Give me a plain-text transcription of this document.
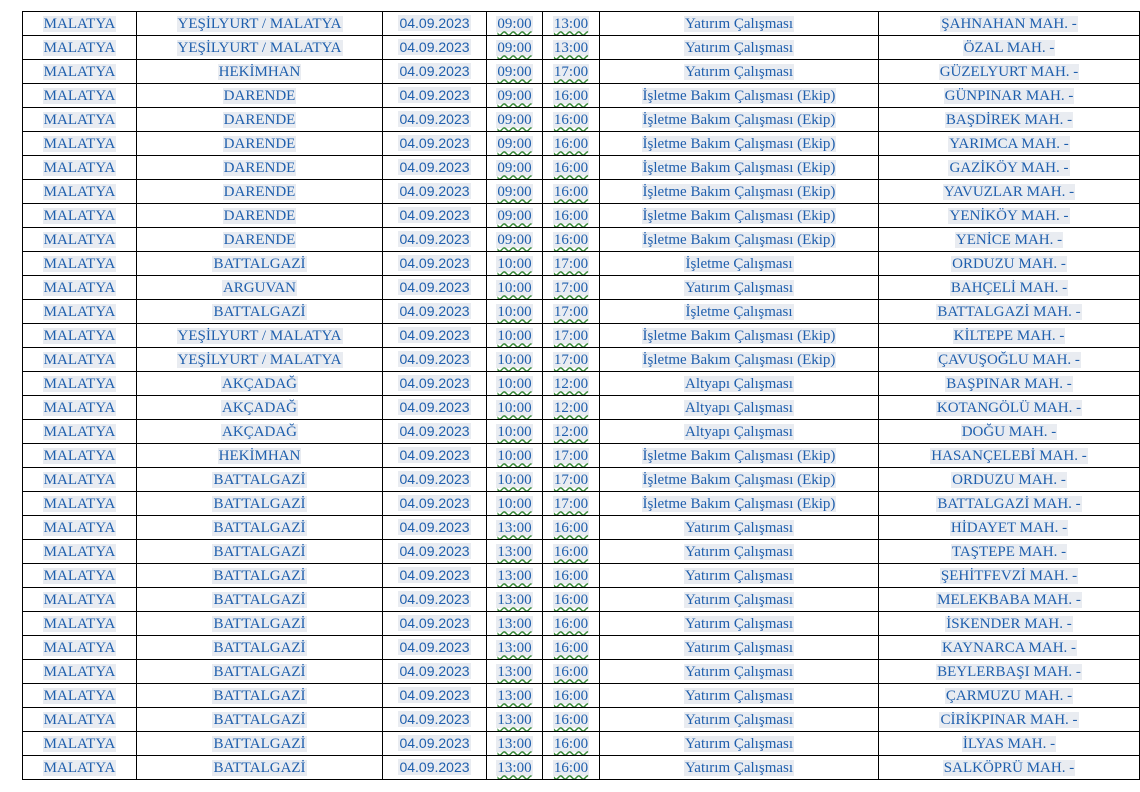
MALATYA	YEŞİLYURT / MALATYA	04.09.2023	09:00	13:00	Yatırım Çalışması	ŞAHNAHAN MAH. -
MALATYA	YEŞİLYURT / MALATYA	04.09.2023	09:00	13:00	Yatırım Çalışması	ÖZAL MAH. -
MALATYA	HEKİMHAN	04.09.2023	09:00	17:00	Yatırım Çalışması	GÜZELYURT MAH. -
MALATYA	DARENDE	04.09.2023	09:00	16:00	İşletme Bakım Çalışması (Ekip)	GÜNPINAR MAH. -
MALATYA	DARENDE	04.09.2023	09:00	16:00	İşletme Bakım Çalışması (Ekip)	BAŞDİREK MAH. -
MALATYA	DARENDE	04.09.2023	09:00	16:00	İşletme Bakım Çalışması (Ekip)	YARIMCA MAH. -
MALATYA	DARENDE	04.09.2023	09:00	16:00	İşletme Bakım Çalışması (Ekip)	GAZİKÖY MAH. -
MALATYA	DARENDE	04.09.2023	09:00	16:00	İşletme Bakım Çalışması (Ekip)	YAVUZLAR MAH. -
MALATYA	DARENDE	04.09.2023	09:00	16:00	İşletme Bakım Çalışması (Ekip)	YENİKÖY MAH. -
MALATYA	DARENDE	04.09.2023	09:00	16:00	İşletme Bakım Çalışması (Ekip)	YENİCE MAH. -
MALATYA	BATTALGAZİ	04.09.2023	10:00	17:00	İşletme Çalışması	ORDUZU MAH. -
MALATYA	ARGUVAN	04.09.2023	10:00	17:00	Yatırım Çalışması	BAHÇELİ MAH. -
MALATYA	BATTALGAZİ	04.09.2023	10:00	17:00	İşletme Çalışması	BATTALGAZİ MAH. -
MALATYA	YEŞİLYURT / MALATYA	04.09.2023	10:00	17:00	İşletme Bakım Çalışması (Ekip)	KİLTEPE MAH. -
MALATYA	YEŞİLYURT / MALATYA	04.09.2023	10:00	17:00	İşletme Bakım Çalışması (Ekip)	ÇAVUŞOĞLU MAH. -
MALATYA	AKÇADAĞ	04.09.2023	10:00	12:00	Altyapı Çalışması	BAŞPINAR MAH. -
MALATYA	AKÇADAĞ	04.09.2023	10:00	12:00	Altyapı Çalışması	KOTANGÖLÜ MAH. -
MALATYA	AKÇADAĞ	04.09.2023	10:00	12:00	Altyapı Çalışması	DOĞU MAH. -
MALATYA	HEKİMHAN	04.09.2023	10:00	17:00	İşletme Bakım Çalışması (Ekip)	HASANÇELEBİ MAH. -
MALATYA	BATTALGAZİ	04.09.2023	10:00	17:00	İşletme Bakım Çalışması (Ekip)	ORDUZU MAH. -
MALATYA	BATTALGAZİ	04.09.2023	10:00	17:00	İşletme Bakım Çalışması (Ekip)	BATTALGAZİ MAH. -
MALATYA	BATTALGAZİ	04.09.2023	13:00	16:00	Yatırım Çalışması	HİDAYET MAH. -
MALATYA	BATTALGAZİ	04.09.2023	13:00	16:00	Yatırım Çalışması	TAŞTEPE MAH. -
MALATYA	BATTALGAZİ	04.09.2023	13:00	16:00	Yatırım Çalışması	ŞEHİTFEVZİ MAH. -
MALATYA	BATTALGAZİ	04.09.2023	13:00	16:00	Yatırım Çalışması	MELEKBABA MAH. -
MALATYA	BATTALGAZİ	04.09.2023	13:00	16:00	Yatırım Çalışması	İSKENDER MAH. -
MALATYA	BATTALGAZİ	04.09.2023	13:00	16:00	Yatırım Çalışması	KAYNARCA MAH. -
MALATYA	BATTALGAZİ	04.09.2023	13:00	16:00	Yatırım Çalışması	BEYLERBAŞI MAH. -
MALATYA	BATTALGAZİ	04.09.2023	13:00	16:00	Yatırım Çalışması	ÇARMUZU MAH. -
MALATYA	BATTALGAZİ	04.09.2023	13:00	16:00	Yatırım Çalışması	CİRİKPINAR MAH. -
MALATYA	BATTALGAZİ	04.09.2023	13:00	16:00	Yatırım Çalışması	İLYAS MAH. -
MALATYA	BATTALGAZİ	04.09.2023	13:00	16:00	Yatırım Çalışması	SALKÖPRÜ MAH. -
